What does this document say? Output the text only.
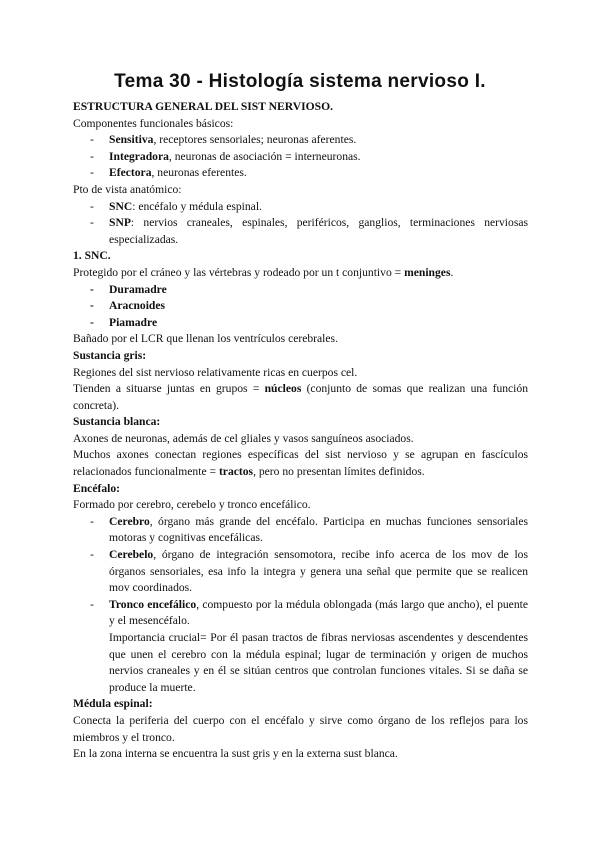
Tema 30 - Histología sistema nervioso I.

ESTRUCTURA GENERAL DEL SIST NERVIOSO.

Componentes funcionales básicos:

- Sensitiva, receptores sensoriales; neuronas aferentes.
- Integradora, neuronas de asociación = interneuronas.
- Efectora, neuronas eferentes.

Pto de vista anatómico:

- SNC: encéfalo y médula espinal.
- SNP: nervios craneales, espinales, periféricos, ganglios, terminaciones nerviosas especializadas.

1. SNC.

Protegido por el cráneo y las vértebras y rodeado por un t conjuntivo = meninges.

- Duramadre
- Aracnoides
- Piamadre

Bañado por el LCR que llenan los ventrículos cerebrales.

Sustancia gris:

Regiones del sist nervioso relativamente ricas en cuerpos cel.

Tienden a situarse juntas en grupos = núcleos (conjunto de somas que realizan una función concreta).

Sustancia blanca:

Axones de neuronas, además de cel gliales y vasos sanguíneos asociados.

Muchos axones conectan regiones específicas del sist nervioso y se agrupan en fascículos relacionados funcionalmente = tractos, pero no presentan límites definidos.

Encéfalo:

Formado por cerebro, cerebelo y tronco encefálico.

- Cerebro, órgano más grande del encéfalo. Participa en muchas funciones sensoriales motoras y cognitivas encefálicas.
- Cerebelo, órgano de integración sensomotora, recibe info acerca de los mov de los órganos sensoriales, esa info la integra y genera una señal que permite que se realicen mov coordinados.
- Tronco encefálico, compuesto por la médula oblongada (más largo que ancho), el puente y el mesencéfalo.
Importancia crucial= Por él pasan tractos de fibras nerviosas ascendentes y descendentes que unen el cerebro con la médula espinal; lugar de terminación y origen de muchos nervios craneales y en él se sitúan centros que controlan funciones vitales. Si se daña se produce la muerte.

Médula espinal:

Conecta la periferia del cuerpo con el encéfalo y sirve como órgano de los reflejos para los miembros y el tronco.

En la zona interna se encuentra la sust gris y en la externa sust blanca.
